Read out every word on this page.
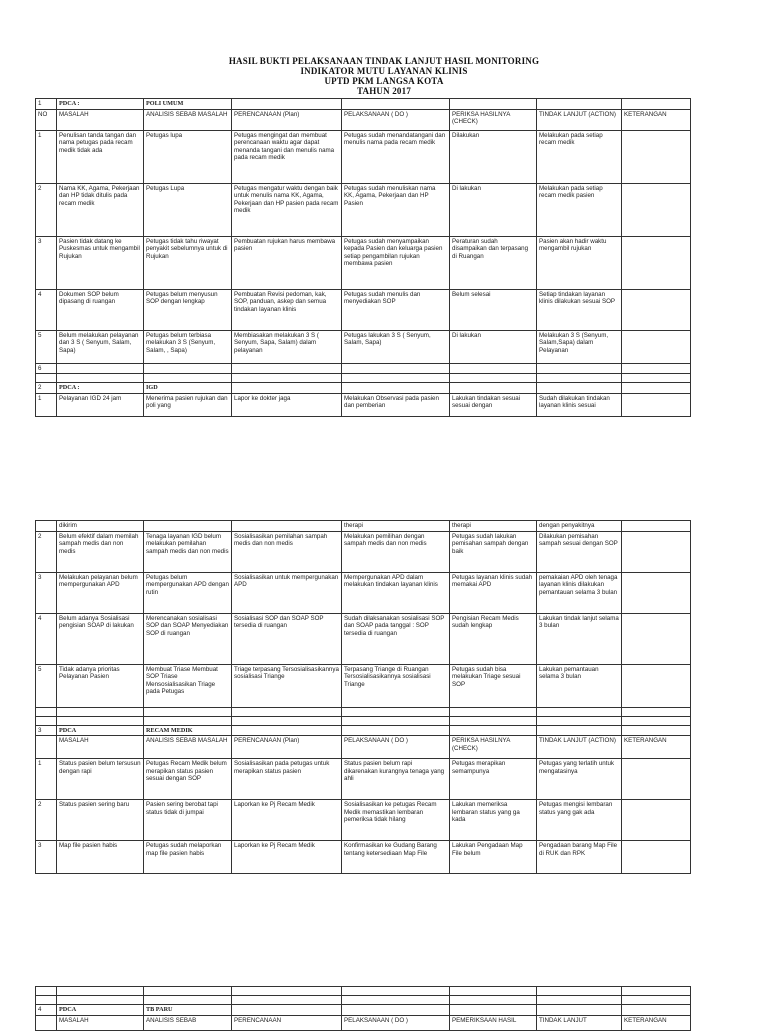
HASIL BUKTI PELAKSANAAN TINDAK LANJUT HASIL MONITORING
INDIKATOR MUTU LAYANAN KLINIS
UPTD PKM LANGSA KOTA
TAHUN 2017
1	PDCA :	POLI UMUM					
NO	MASALAH	ANALISIS SEBAB MASALAH	PERENCANAAN (Plan)	PELAKSANAAN ( DO )	PERIKSA HASILNYA (CHECK)	TINDAK LANJUT (ACTION)	KETERANGAN
1	Penulisan tanda tangan dan nama petugas pada recam medik tidak ada	Petugas lupa	Petugas mengingat dan membuat perencanaan waktu agar dapat menanda tangani dan menulis nama pada recam medik	Petugas sudah menandatangani dan menulis nama pada recam medik	Dilakukan	Melakukan pada setiap recam medik	
2	Nama KK, Agama, Pekerjaan dan HP tidak ditulis pada recam medik	Petugas Lupa	Petugas mengatur waktu dengan baik untuk menulis nama KK, Agama, Pekerjaan dan HP pasien pada recam medik	Petugas sudah menuliskan nama KK, Agama, Pekerjaan dan HP Pasien	Di lakukan	Melakukan pada setiap recam medik pasien	
3	Pasien tidak datang ke Puskesmas untuk mengambil Rujukan	Petugas tidak tahu riwayat penyakit sebelumnya untuk di Rujukan	Pembuatan rujukan harus membawa pasien	Petugas sudah menyampaikan kepada Pasien dan keluarga pasien setiap pengambilan rujukan membawa pasien	Peraturan sudah disampaikan dan terpasang di Ruangan	Pasien akan hadir waktu mengambil rujukan	
4	Dokumen SOP belum dipasang di ruangan	Petugas belum menyusun SOP dengan lengkap	Pembuatan Revisi pedoman, kak, SOP, panduan, askep dan semua tindakan layanan klinis	Petugas sudah menulis dan menyediakan SOP	Belum selesai	Setiap tindakan layanan klinis dilakukan sesuai SOP	
5	Belum melakukan pelayanan dan 3 S ( Senyum, Salam, Sapa)	Petugas belum terbiasa melakukan 3 S (Senyum, Salam, , Sapa)	Membiasakan melakukan 3 S ( Senyum, Sapa, Salam) dalam pelayanan	Petugas lakukan 3 S ( Senyum, Salam, Sapa)	Di lakukan	Melakukan 3 S (Senyum, Salam,Sapa) dalam Pelayanan	
6							

2	PDCA :	IGD					
1	Pelayanan IGD 24 jam	Menerima pasien rujukan dan poli yang	Lapor ke dokter jaga	Melakukan Observasi pada pasien dan pemberian	Lakukan tindakan sesuai sesuai dengan	Sudah dilakukan tindakan layanan klinis sesuai	
	dikirim			therapi	therapi	dengan penyakitnya	
2	Belum efektif dalam memilah sampah medis dan non medis	Tenaga layanan IGD belum melakukan pemilahan sampah medis dan non medis	Sosialisasikan pemilahan sampah medis dan non medis	Melakukan pemilihan dengan sampah medis dan non medis	Petugas sudah lakukan pemisahan sampah dengan baik	Dilakukan pemisahan sampah sesuai dengan SOP	
3	Melakukan pelayanan belum mempergunakan APD	Petugas belum mempergunakan APD dengan rutin	Sosialisasikan untuk mempergunakan APD	Mempergunakan APD dalam melakukan tindakan layanan klinis	Petugas layanan klinis sudah memakai APD	pemakaian APD oleh tenaga layanan klinis dilakukan pemantauan selama 3 bulan	
4	Belum adanya Sosialisasi pengisian SOAP di lakukan	Merencanakan sosialisasi SOP dan SOAP Menyediakan SOP di ruangan	Sosialisasi SOP dan SOAP SOP tersedia di ruangan	Sudah dilaksanakan sosialisasi SOP dan SOAP pada tanggal : SOP tersedia di ruangan	Pengisian Recam Medis sudah lengkap	Lakukan tindak lanjut selama 3 bulan	
5	Tidak adanya prioritas Pelayanan Pasien	Membuat Triase Membuat SOP Triase Mensosialisasikan Triage pada Petugas	Triage terpasang Tersosialisasikannya sosialisasi Triange	Terpasang Triange di Ruangan Tersosialisasikannya sosialisasi Triange	Petugas sudah bisa melakukan Triage sesuai SOP	Lakukan pemantauan selama 3 bulan	

3	PDCA	RECAM MEDIK					
	MASALAH	ANALISIS SEBAB MASALAH	PERENCANAAN (Plan)	PELAKSANAAN ( DO )	PERIKSA HASILNYA (CHECK)	TINDAK LANJUT (ACTION)	KETERANGAN
1	Status pasien belum tersusun dengan rapi	Petugas Recam Medik belum merapikan status pasien sesuai dengan SOP	Sosialisasikan pada petugas untuk merapikan status pasien	Status pasien belum rapi dikarenakan kurangnya tenaga yang ahli	Petugas merapikan semampunya	Petugas yang terlatih untuk mengatasinya	
2	Status pasien sering baru	Pasien sering berobat tapi status tidak di jumpai	Laporkan ke Pj Recam Medik	Sosialisasikan ke petugas Recam Medik memastikan lembaran pemeriksa tidak hilang	Lakukan memeriksa lembaran status yang ga kada	Petugas mengisi lembaran status yang gak ada	
3	Map file pasien habis	Petugas sudah melaporkan map file pasien habis	Laporkan ke Pj Recam Medik	Konfirmasikan ke Gudang Barang tentang ketersediaan Map File	Lakukan Pengadaan Map File belum	Pengadaan barang Map File di RUK dan RPK	

4	PDCA	TB PARU					
	MASALAH	ANALISIS SEBAB	PERENCANAAN	PELAKSANAAN ( DO )	PEMERIKSAAN HASIL	TINDAK LANJUT	KETERANGAN
